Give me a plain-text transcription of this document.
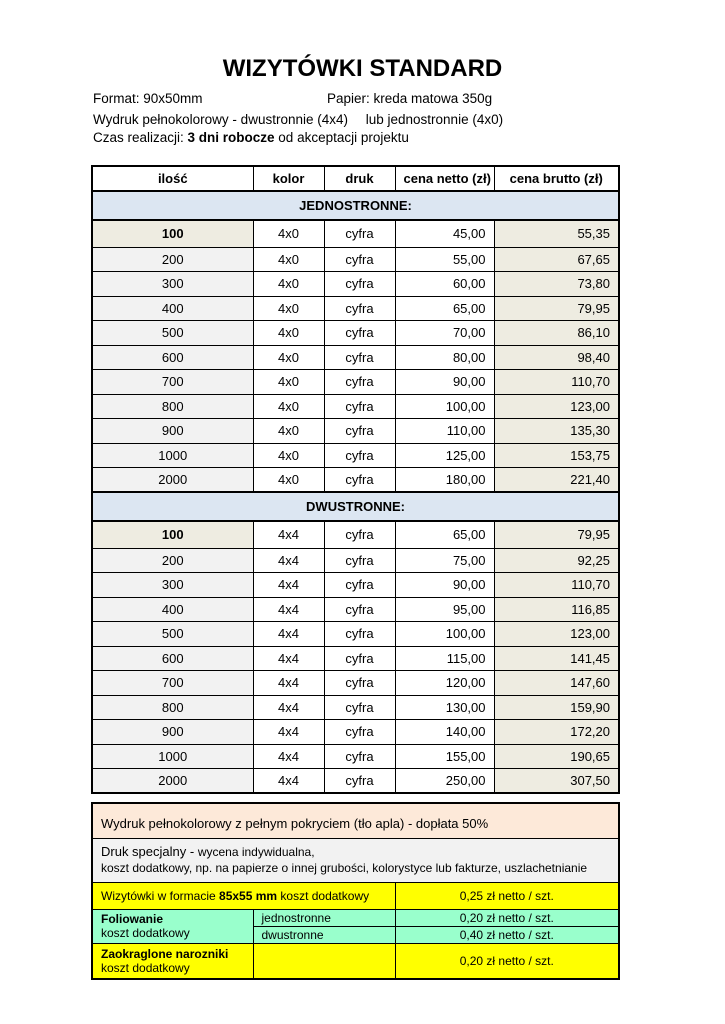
WIZYTÓWKI STANDARD
Format: 90x50mm	Papier: kreda matowa 350g
Wydruk pełnokolorowy - dwustronnie (4x4) lub jednostronnie (4x0)
Czas realizacji: 3 dni robocze od akceptacji projektu
ilość	kolor	druk	cena netto (zł)	cena brutto (zł)
JEDNOSTRONNE:				
100	4x0	cyfra	45,00	55,35
200	4x0	cyfra	55,00	67,65
300	4x0	cyfra	60,00	73,80
400	4x0	cyfra	65,00	79,95
500	4x0	cyfra	70,00	86,10
600	4x0	cyfra	80,00	98,40
700	4x0	cyfra	90,00	110,70
800	4x0	cyfra	100,00	123,00
900	4x0	cyfra	110,00	135,30
1000	4x0	cyfra	125,00	153,75
2000	4x0	cyfra	180,00	221,40
DWUSTRONNE:				
100	4x4	cyfra	65,00	79,95
200	4x4	cyfra	75,00	92,25
300	4x4	cyfra	90,00	110,70
400	4x4	cyfra	95,00	116,85
500	4x4	cyfra	100,00	123,00
600	4x4	cyfra	115,00	141,45
700	4x4	cyfra	120,00	147,60
800	4x4	cyfra	130,00	159,90
900	4x4	cyfra	140,00	172,20
1000	4x4	cyfra	155,00	190,65
2000	4x4	cyfra	250,00	307,50
Wydruk pełnokolorowy z pełnym pokryciem (tło apla) - dopłata 50%		
Druk specjalny - wycena indywidualna,
koszt dodatkowy, np. na papierze o innej grubości, kolorystyce lub fakturze, uszlachetnianie		
Wizytówki w formacie 85x55 mm koszt dodatkowy		0,25 zł netto / szt.
Foliowanie
koszt dodatkowy	jednostronne	0,20 zł netto / szt.
	dwustronne	0,40 zł netto / szt.
Zaokraglone narozniki
koszt dodatkowy		0,20 zł netto / szt.
